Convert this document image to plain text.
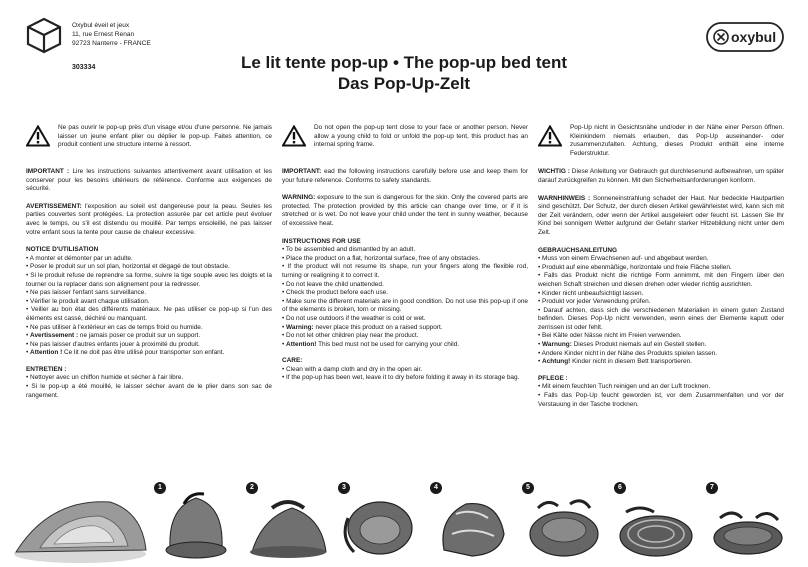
Oxybul éveil et jeux
11, rue Ernest Renan
92723 Nanterre - FRANCE
303334
oxybul
Le lit tente pop-up • The pop-up bed tent
Das Pop-Up-Zelt
Ne pas ouvrir le pop-up près d'un visage et/ou d'une personne. Ne jamais laisser un jeune enfant plier ou déplier le pop-up. Faites attention, ce produit contient une structure interne à ressort.
IMPORTANT : Lire les instructions suivantes attentivement avant utilisation et les conserver pour les besoins ultérieurs de référence. Conforme aux exigences de sécurité.
AVERTISSEMENT: l'exposition au soleil est dangereuse pour la peau. Seules les parties couvertes sont protégées. La protection assurée par cet article peut évoluer avec le temps, ou s'il est distendu ou mouillé. Par temps ensoleillé, ne pas laisser votre enfant sous la tente pour cause de chaleur excessive.
NOTICE D'UTILISATION
• A monter et démonter par un adulte.
• Poser le produit sur un sol plan, horizontal et dégagé de tout obstacle.
• Si le produit refuse de reprendre sa forme, suivre la tige souple avec les doigts et la tourner ou la replacer dans son alignement pour la redresser.
• Ne pas laisser l'enfant sans surveillance.
• Vérifier le produit avant chaque utilisation.
• Veiller au bon état des différents matériaux. Ne pas utiliser ce pop-up si l'un des éléments est cassé, déchiré ou manquant.
• Ne pas utiliser à l'extérieur en cas de temps froid ou humide.
• Avertissement : ne jamais poser ce produit sur un support.
• Ne pas laisser d'autres enfants jouer à proximité du produit.
• Attention ! Ce lit ne doit pas être utilisé pour transporter son enfant.
ENTRETIEN :
• Nettoyer avec un chiffon humide et sécher à l'air libre.
• Si le pop-up a été mouillé, le laisser sécher avant de le plier dans son sac de rangement.
Do not open the pop-up tent close to your face or another person. Never allow a young child to fold or unfold the pop-up tent, this product has an internal spring frame.
IMPORTANT: ead the following instructions carefully before use and keep them for your future reference. Conforms to safety standards.
WARNING: exposure to the sun is dangerous for the skin. Only the covered parts are protected. The protection provided by this article can change over time, or if it is stretched or is wet. Do not leave your child under the tent in sunny weather, because of excessive heat.
INSTRUCTIONS FOR USE
• To be assembled and dismantled by an adult.
• Place the product on a flat, horizontal surface, free of any obstacles.
• If the product will not resume its shape, run your fingers along the flexible rod, turning or realigning it to correct it.
• Do not leave the child unattended.
• Check the product before each use.
• Make sure the different materials are in good condition. Do not use this pop-up if one of the elements is broken, torn or missing.
• Do not use outdoors if the weather is cold or wet.
• Warning: never place this product on a raised support.
• Do not let other children play near the product.
• Attention! This bed must not be used for carrying your child.
CARE:
• Clean with a damp cloth and dry in the open air.
• If the pop-up has been wet, leave it to dry before folding it away in its storage bag.
Pop-Up nicht in Gesichtsnähe und/oder in der Nähe einer Person öffnen. Kleinkindern niemals erlauben, das Pop-Up auseinander- oder zusammenzufalten. Achtung, dieses Produkt enthält eine interne Federstruktur.
WICHTIG : Diese Anleitung vor Gebrauch gut durchlesenund aufbewahren, um später darauf zurückgreifen zu können. Mit den Sicherheitsanforderungen konform.
WARNHINWEIS : Sonneneinstrahlung schadet der Haut. Nur bedeckte Hautpartien sind geschützt. Der Schutz, der durch diesen Artikel gewährleistet wird, kann sich mit der Zeit verändern, oder wenn der Artikel ausgeleiert oder feucht ist. Lassen Sie Ihr Kind bei sonnigem Wetter aufgrund der Gefahr starker Hitzebildung nicht unter dem Zelt.
GEBRAUCHSANLEITUNG
• Muss von einem Erwachsenen auf- und abgebaut werden.
• Produkt auf eine ebenmäßige, horizontale und freie Fläche stellen.
• Falls das Produkt nicht die richtige Form annimmt, mit den Fingern über den weichen Schaft streichen und diesen drehen oder wieder richtig ausrichten.
• Kinder nicht unbeaufsichtigt lassen.
• Produkt vor jeder Verwendung prüfen.
• Darauf achten, dass sich die verschiedenen Materialien in einem guten Zustand befinden. Dieses Pop-Up nicht verwenden, wenn eines der Elemente kaputt oder zerrissen ist oder fehlt.
• Bei Kälte oder Nässe nicht im Freien verwenden.
• Warnung: Dieses Produkt niemals auf ein Gestell stellen.
• Andere Kinder nicht in der Nähe des Produkts spielen lassen.
• Achtung! Kinder nicht in diesem Bett transportieren.
PFLEGE :
• Mit einem feuchten Tuch reinigen und an der Luft trocknen.
• Falls das Pop-Up feucht geworden ist, vor dem Zusammenfalten und vor der Verstauung in der Tasche trocknen.
1	2	3	4	5	6	7
